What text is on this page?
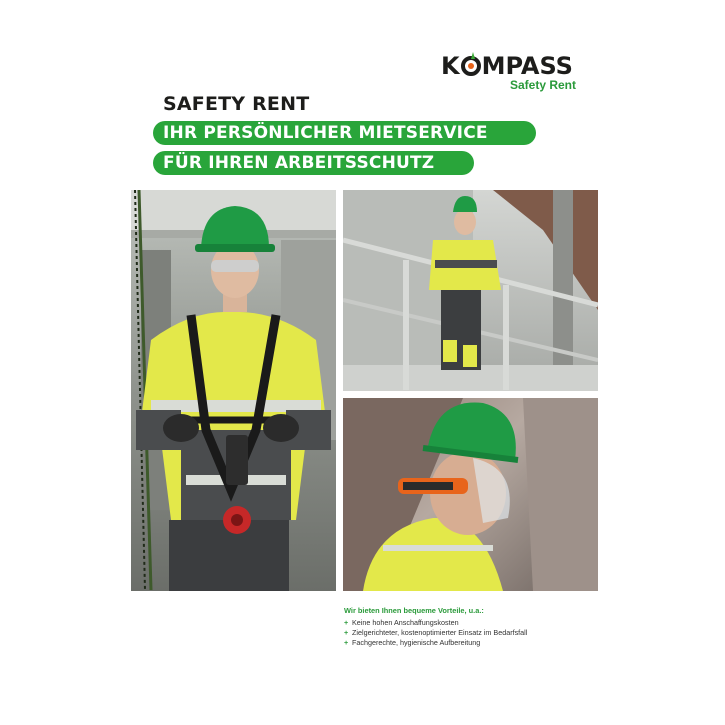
K MPASS
Safety Rent
SAFETY RENT
IHR PERSÖNLICHER MIETSERVICE
FÜR IHREN ARBEITSSCHUTZ
Wir bieten Ihnen bequeme Vorteile, u.a.:
+ Keine hohen Anschaffungskosten
+ Zielgerichteter, kostenoptimierter Einsatz im Bedarfsfall
+ Fachgerechte, hygienische Aufbereitung
